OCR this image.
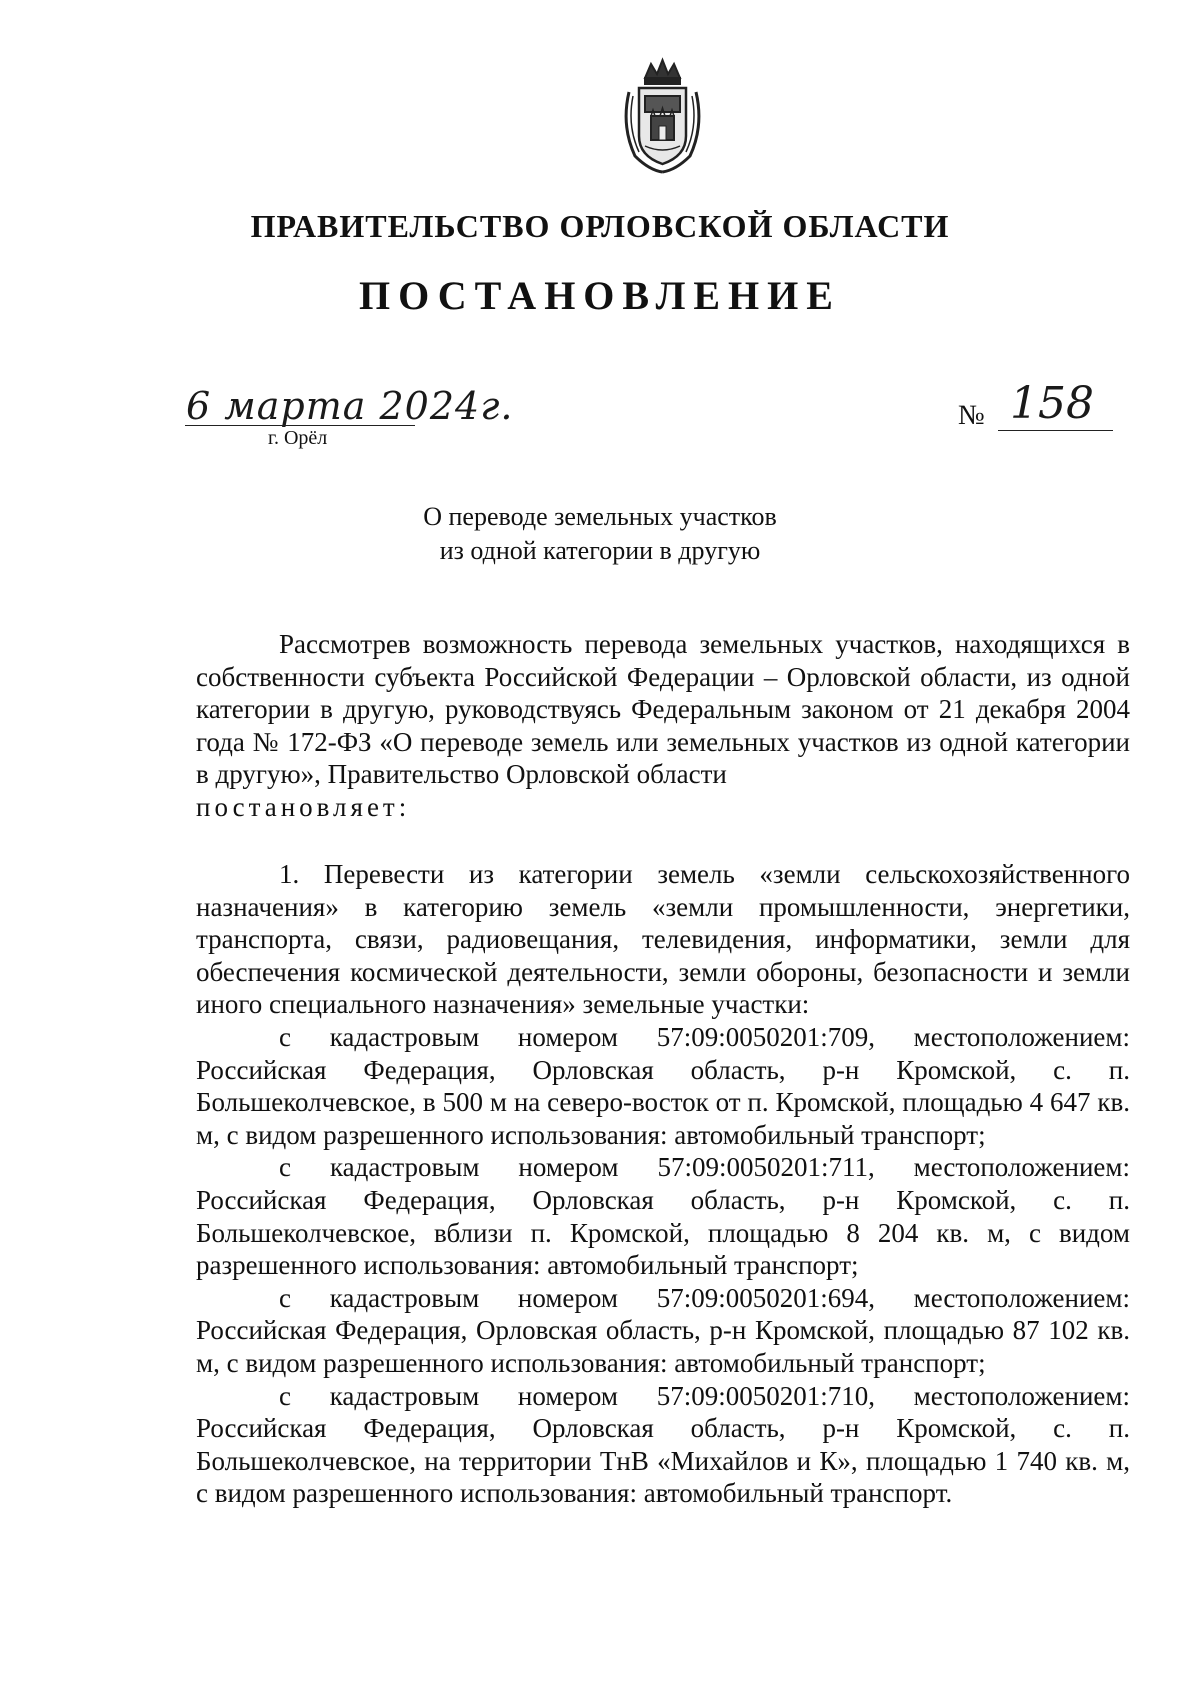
ПРАВИТЕЛЬСТВО ОРЛОВСКОЙ ОБЛАСТИ
ПОСТАНОВЛЕНИЕ
6 марта 2024г.
г. Орёл
№ 158
О переводе земельных участков
из одной категории в другую

Рассмотрев возможность перевода земельных участков, находящихся в собственности субъекта Российской Федерации – Орловской области, из одной категории в другую, руководствуясь Федеральным законом от 21 декабря 2004 года № 172-ФЗ «О переводе земель или земельных участков из одной категории в другую», Правительство Орловской области

постановляет:

1. Перевести из категории земель «земли сельскохозяйственного назначения» в категорию земель «земли промышленности, энергетики, транспорта, связи, радиовещания, телевидения, информатики, земли для обеспечения космической деятельности, земли обороны, безопасности и земли иного специального назначения» земельные участки:

с кадастровым номером 57:09:0050201:709, местоположением: Российская Федерация, Орловская область, р-н Кромской, с. п. Большеколчевское, в 500 м на северо-восток от п. Кромской, площадью 4 647 кв. м, с видом разрешенного использования: автомобильный транспорт;

с кадастровым номером 57:09:0050201:711, местоположением: Российская Федерация, Орловская область, р-н Кромской, с. п. Большеколчевское, вблизи п. Кромской, площадью 8 204 кв. м, с видом разрешенного использования: автомобильный транспорт;

с кадастровым номером 57:09:0050201:694, местоположением: Российская Федерация, Орловская область, р-н Кромской, площадью 87 102 кв. м, с видом разрешенного использования: автомобильный транспорт;

с кадастровым номером 57:09:0050201:710, местоположением: Российская Федерация, Орловская область, р-н Кромской, с. п. Большеколчевское, на территории ТнВ «Михайлов и К», площадью 1 740 кв. м, с видом разрешенного использования: автомобильный транспорт.
